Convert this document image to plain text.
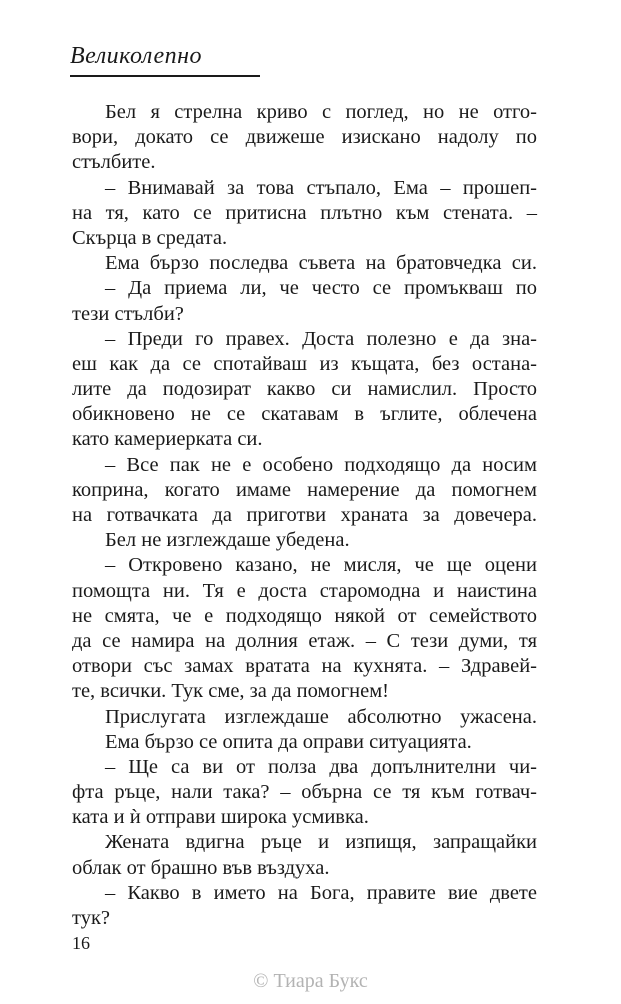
Великолепно
Бел я стрелна криво с поглед, но не отго-
вори, докато се движеше изискано надолу по
стълбите.
– Внимавай за това стъпало, Ема – прошеп-
на тя, като се притисна плътно към стената. –
Скърца в средата.
Ема бързо последва съвета на братовчедка си.
– Да приема ли, че често се промъкваш по
тези стълби?
– Преди го правех. Доста полезно е да зна-
еш как да се спотайваш из къщата, без остана-
лите да подозират какво си намислил. Просто
обикновено не се скатавам в ъглите, облечена
като камериерката си.
– Все пак не е особено подходящо да носим
коприна, когато имаме намерение да помогнем
на готвачката да приготви храната за довечера.
Бел не изглеждаше убедена.
– Откровено казано, не мисля, че ще оцени
помощта ни. Тя е доста старомодна и наистина
не смята, че е подходящо някой от семейството
да се намира на долния етаж. – С тези думи, тя
отвори със замах вратата на кухнята. – Здравей-
те, всички. Тук сме, за да помогнем!
Прислугата изглеждаше абсолютно ужасена.
Ема бързо се опита да оправи ситуацията.
– Ще са ви от полза два допълнителни чи-
фта ръце, нали така? – обърна се тя към готвач-
ката и ѝ отправи широка усмивка.
Жената вдигна ръце и изпищя, запращайки
облак от брашно във въздуха.
– Какво в името на Бога, правите вие двете
тук?
16
© Тиара Букс
